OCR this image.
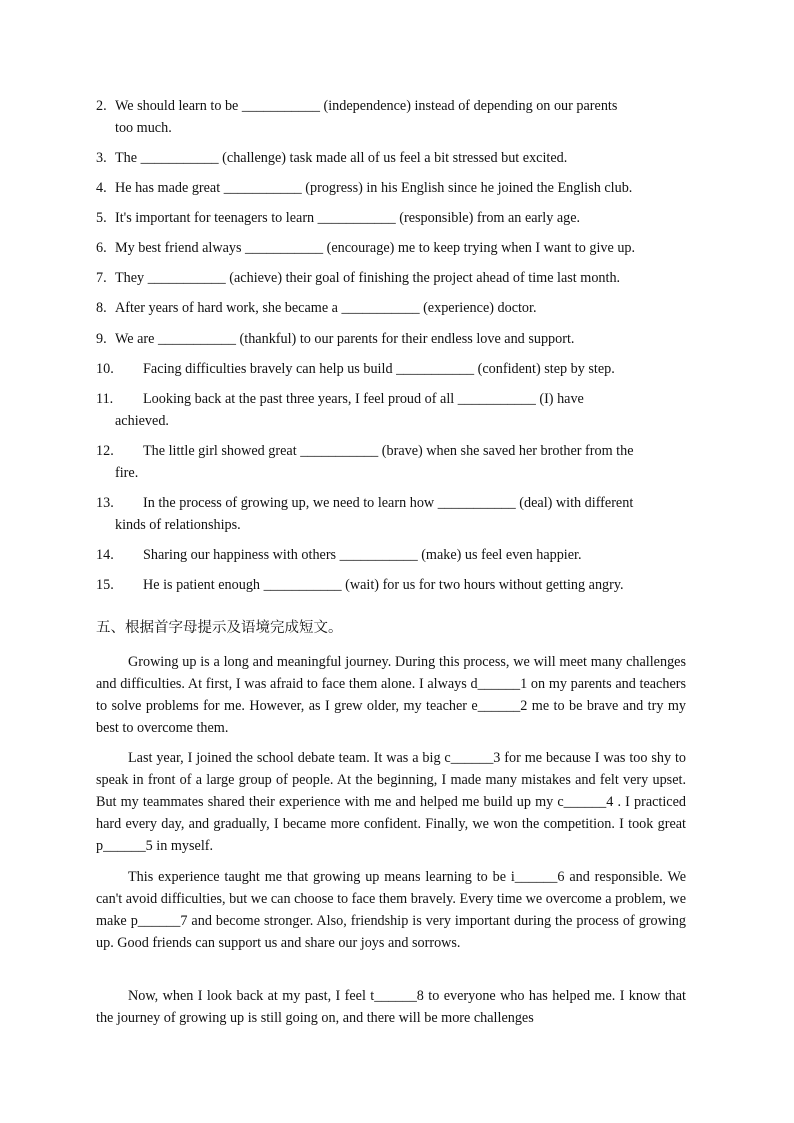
2. We should learn to be ___________ (independence) instead of depending on our parents
too much.
3. The ___________ (challenge) task made all of us feel a bit stressed but excited.
4. He has made great ___________ (progress) in his English since he joined the English club.
5. It's important for teenagers to learn ___________ (responsible) from an early age.
6. My best friend always ___________ (encourage) me to keep trying when I want to give up.
7. They ___________ (achieve) their goal of finishing the project ahead of time last month.
8. After years of hard work, she became a ___________ (experience) doctor.
9. We are ___________ (thankful) to our parents for their endless love and support.
10.	Facing difficulties bravely can help us build ___________ (confident) step by step.
11.	Looking back at the past three years, I feel proud of all ___________ (I) have
achieved.
12.	The little girl showed great ___________ (brave) when she saved her brother from the
fire.
13.	In the process of growing up, we need to learn how ___________ (deal) with different
kinds of relationships.
14.	Sharing our happiness with others ___________ (make) us feel even happier.
15.	He is patient enough ___________ (wait) for us for two hours without getting angry.
五、根据首字母提示及语境完成短文。

Growing up is a long and meaningful journey. During this process, we will meet many challenges and difficulties. At first, I was afraid to face them alone. I always d______1 on my parents and teachers to solve problems for me. However, as I grew older, my teacher e______2 me to be brave and try my best to overcome them.

Last year, I joined the school debate team. It was a big c______3 for me because I was too shy to speak in front of a large group of people. At the beginning, I made many mistakes and felt very upset. But my teammates shared their experience with me and helped me build up my c______4 . I practiced hard every day, and gradually, I became more confident. Finally, we won the competition. I took great p______5 in myself.

This experience taught me that growing up means learning to be i______6 and responsible. We can't avoid difficulties, but we can choose to face them bravely. Every time we overcome a problem, we make p______7 and become stronger. Also, friendship is very important during the process of growing up. Good friends can support us and share our joys and sorrows.

Now, when I look back at my past, I feel t______8 to everyone who has helped me. I know that the journey of growing up is still going on, and there will be more challenges
